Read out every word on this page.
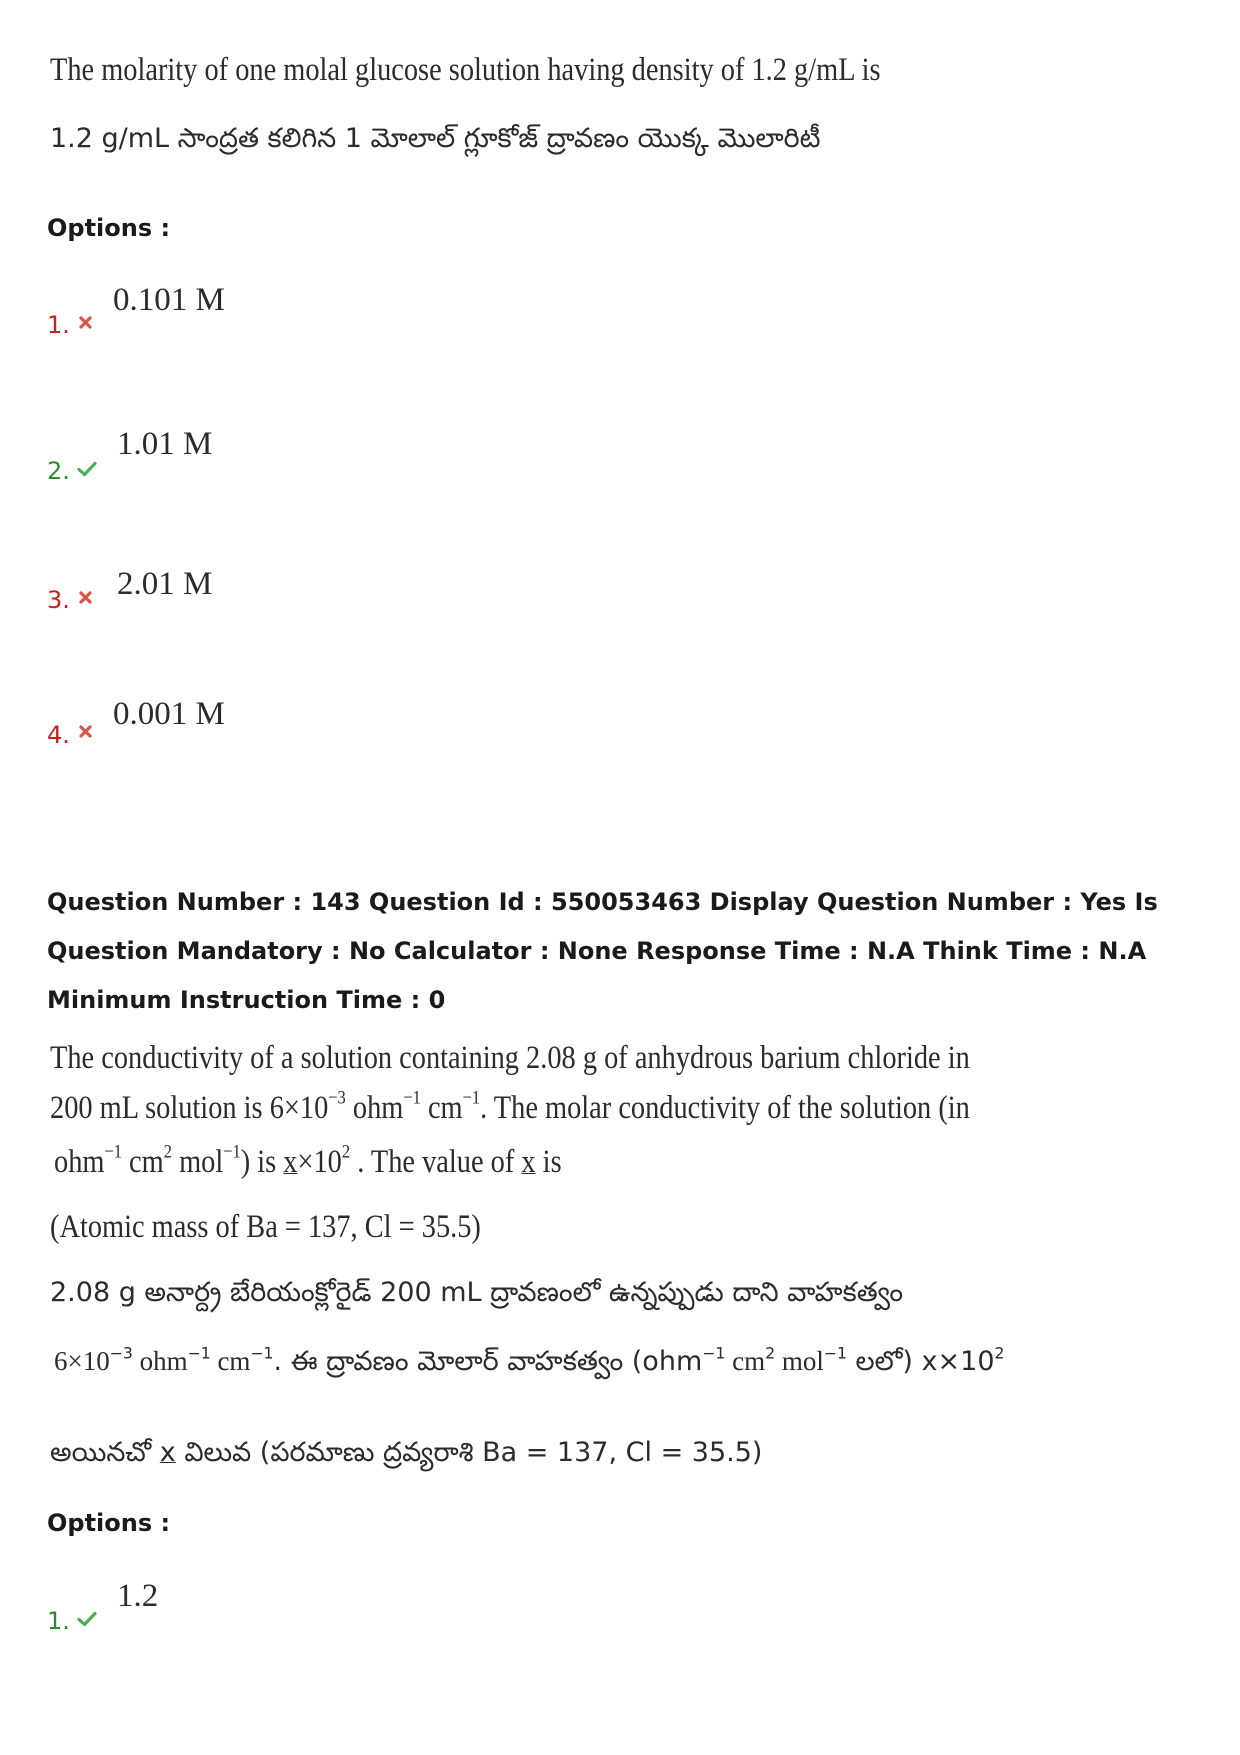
The molarity of one molal glucose solution having density of 1.2 g/mL is
1.2 g/mL సాంద్రత కలిగిన 1 మోలాల్ గ్లూకోజ్ ద్రావణం యొక్క మొలారిటీ
Options :
1.
0.101 M
2.
1.01 M
3. 2.01 M
4.
0.001 M
Question Number : 143 Question Id : 550053463 Display Question Number : Yes Is Question Mandatory : No Calculator : None Response Time : N.A Think Time : N.A Minimum Instruction Time : 0
The conductivity of a solution containing 2.08 g of anhydrous barium chloride in
200 mL solution is $6\times 10^{-3}$ ohm$^{-1}$ $cm^{-1}$. The molar conductivity of the solution (in
ohm$^{-1}$ $cm^2$ mol$^{-1}$) is $x\times 10^2$ . The value of x is
(Atomic mass of Ba = 137, Cl = 35.5)
2.08 g అనార్ద్ర బేరియంక్లోరైడ్ 200 mL ద్రావణంలో ఉన్నప్పుడు దాని వాహకత్వం
$6\times 10^{-3}$ ohm$^{-1}$ $cm^{-1}$. ఈ ద్రావణం మోలార్ వాహకత్వం (ohm$^{-1}$ $cm^2$ mol$^{-1}$ లలో) $x\times 10^2$
అయినచో x విలువ (పరమాణు ద్రవ్యరాశి Ba = 137, Cl = 35.5)
Options :
1.
1.2
